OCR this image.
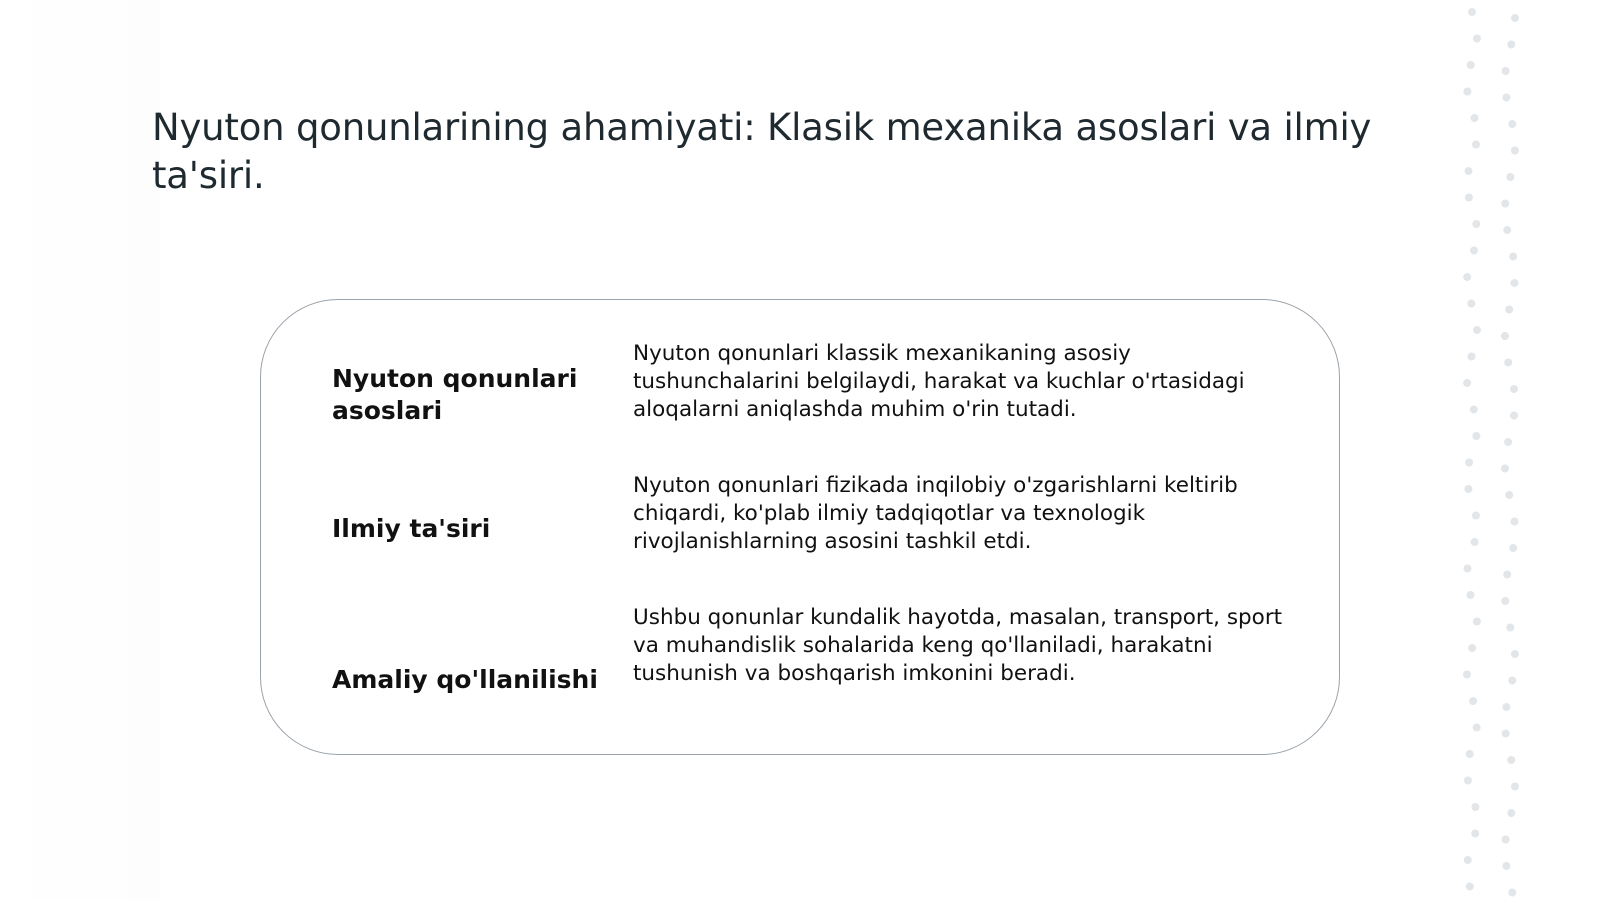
Nyuton qonunlarining ahamiyati: Klasik mexanika asoslari va ilmiy ta'siri.

Nyuton qonunlari asoslari

Nyuton qonunlari klassik mexanikaning asosiy tushunchalarini belgilaydi, harakat va kuchlar o'rtasidagi aloqalarni aniqlashda muhim o'rin tutadi.

Ilmiy ta'siri

Nyuton qonunlari fizikada inqilobiy o'zgarishlarni keltirib chiqardi, ko'plab ilmiy tadqiqotlar va texnologik rivojlanishlarning asosini tashkil etdi.

Amaliy qo'llanilishi

Ushbu qonunlar kundalik hayotda, masalan, transport, sport va muhandislik sohalarida keng qo'llaniladi, harakatni tushunish va boshqarish imkonini beradi.
